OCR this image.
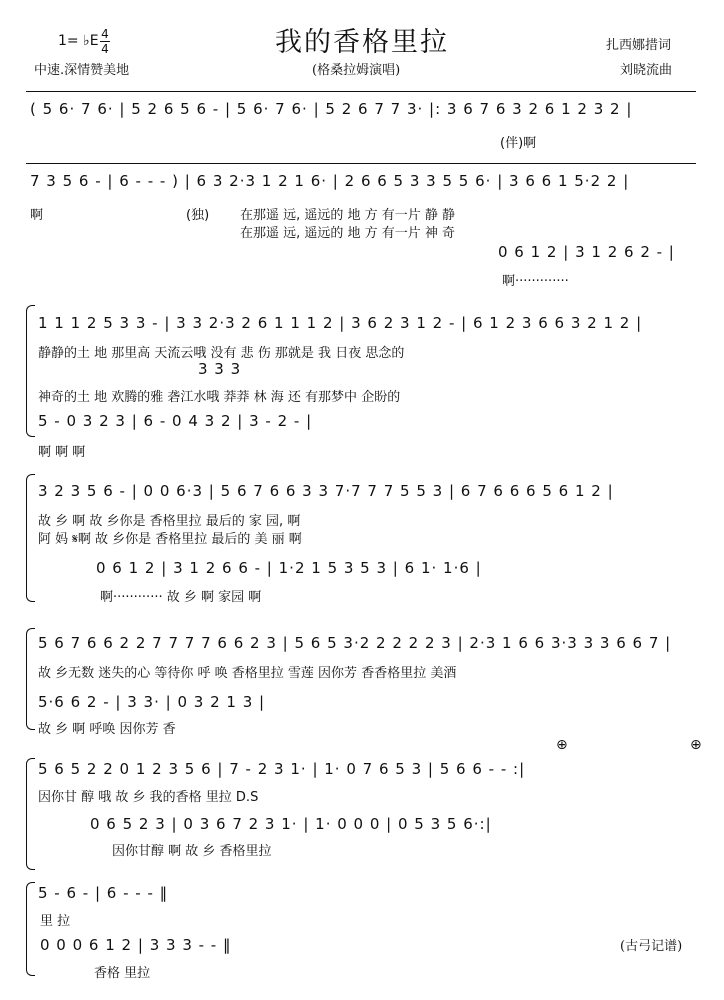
我的香格里拉
1= ♭E 4
4
中速.深情赞美地	(格桑拉姆演唱)
扎西娜措词
刘晓流曲
( 5 6· 7 6· | 5 2 6 5 6 - | 5 6· 7 6· | 5 2 6 7 7 3· |: 3 6 7 6 3 2 6 1 2 3 2 |
(伴)啊
7 3 5 6 - | 6 - - - ) | 6 3 2·3 1 2 1 6· | 2 6 6 5 3 3 5 5 6· | 3 6 6 1 5·2 2 |
啊	(独) 在那遥 远, 遥远的 地 方 有一片 静 静
在那遥 远, 遥远的 地 方 有一片 神 奇
0 6 1 2 | 3 1 2 6 2 - |
啊·············
1 1 1 2 5 3 3 - | 3 3 2·3 2 6 1 1 1 2 | 3 6 2 3 1 2 - | 6 1 2 3 6 6 3 2 1 2 |
静静的土 地 那里高 天流云哦 没有 悲 伤 那就是 我 日夜 思念的
3 3 3
神奇的土 地 欢腾的雅 砻江水哦 莽莽 林 海 还 有那梦中 企盼的
5 - 0 3 2 3 | 6 - 0 4 3 2 | 3 - 2 - |
啊 啊 啊
3 2 3 5 6 - | 0 0 6·3 | 5 6 7 6 6 3 3 7·7 7 7 5 5 3 | 6 7 6 6 6 5 6 1 2 |
故 乡 啊 故 乡你是 香格里拉 最后的 家 园, 啊
阿 妈 𝄋啊 故 乡你是 香格里拉 最后的 美 丽 啊
0 6 1 2 | 3 1 2 6 6 - | 1·2 1 5 3 5 3 | 6 1· 1·6 |
啊············ 故 乡 啊 家园 啊
5 6 7 6 6 2 2 7 7 7 7 6 6 2 3 | 5 6 5 3·2 2 2 2 2 3 | 2·3 1 6 6 3·3 3 3 6 6 7 |
故 乡无数 迷失的心 等待你 呼 唤 香格里拉 雪莲 因你芳 香香格里拉 美酒
5·6 6 2 - | 3 3· | 0 3 2 1 3 |
故 乡 啊 呼唤 因你芳 香
⊕	⊕
5 6 5 2 2 0 1 2 3 5 6 | 7 - 2 3 1· | 1· 0 7 6 5 3 | 5 6 6 - - :|
因你甘 醇 哦 故 乡 我的香格 里拉 D.S
0 6 5 2 3 | 0 3 6 7 2 3 1· | 1· 0 0 0 | 0 5 3 5 6·:|
因你甘醇 啊 故 乡 香格里拉
5 - 6 - | 6 - - - ‖
里 拉
0 0 0 6 1 2 | 3 3 3 - - ‖
香格 里拉
(古弓记谱)
